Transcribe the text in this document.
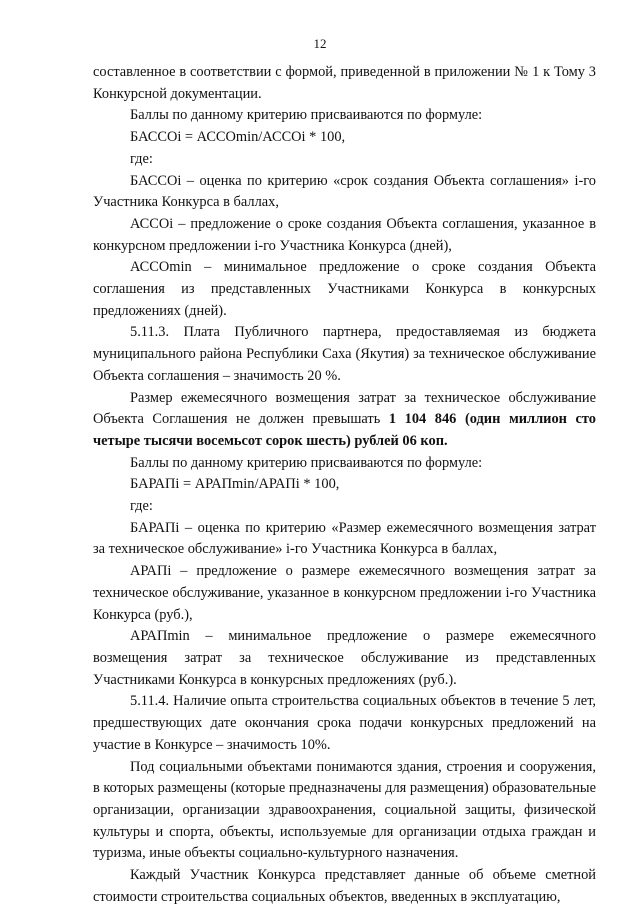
12

составленное в соответствии с формой, приведенной в приложении № 1 к Тому 3 Конкурсной документации.

Баллы по данному критерию присваиваются по формуле:

БАССОi = АССОmin/АССОi * 100,

где:

БАССОi – оценка по критерию «срок создания Объекта соглашения» i-го Участника Конкурса в баллах,

АССОi – предложение о сроке создания Объекта соглашения, указанное в конкурсном предложении i-го Участника Конкурса (дней),

АССОmin – минимальное предложение о сроке создания Объекта соглашения из представленных Участниками Конкурса в конкурсных предложениях (дней).

5.11.3. Плата Публичного партнера, предоставляемая из бюджета муниципального района Республики Саха (Якутия) за техническое обслуживание Объекта соглашения – значимость 20 %.

Размер ежемесячного возмещения затрат за техническое обслуживание Объекта Соглашения не должен превышать 1 104 846 (один миллион сто четыре тысячи восемьсот сорок шесть) рублей 06 коп.

Баллы по данному критерию присваиваются по формуле:

БАРАПi = АРАПmin/АРАПi * 100,

где:

БАРАПi – оценка по критерию «Размер ежемесячного возмещения затрат за техническое обслуживание» i-го Участника Конкурса в баллах,

АРАПi – предложение о размере ежемесячного возмещения затрат за техническое обслуживание, указанное в конкурсном предложении i-го Участника Конкурса (руб.),

АРАПmin – минимальное предложение о размере ежемесячного возмещения затрат за техническое обслуживание из представленных Участниками Конкурса в конкурсных предложениях (руб.).

5.11.4. Наличие опыта строительства социальных объектов в течение 5 лет, предшествующих дате окончания срока подачи конкурсных предложений на участие в Конкурсе – значимость 10%.

Под социальными объектами понимаются здания, строения и сооружения, в которых размещены (которые предназначены для размещения) образовательные организации, организации здравоохранения, социальной защиты, физической культуры и спорта, объекты, используемые для организации отдыха граждан и туризма, иные объекты социально-культурного назначения.

Каждый Участник Конкурса представляет данные об объеме сметной стоимости строительства социальных объектов, введенных в эксплуатацию,
